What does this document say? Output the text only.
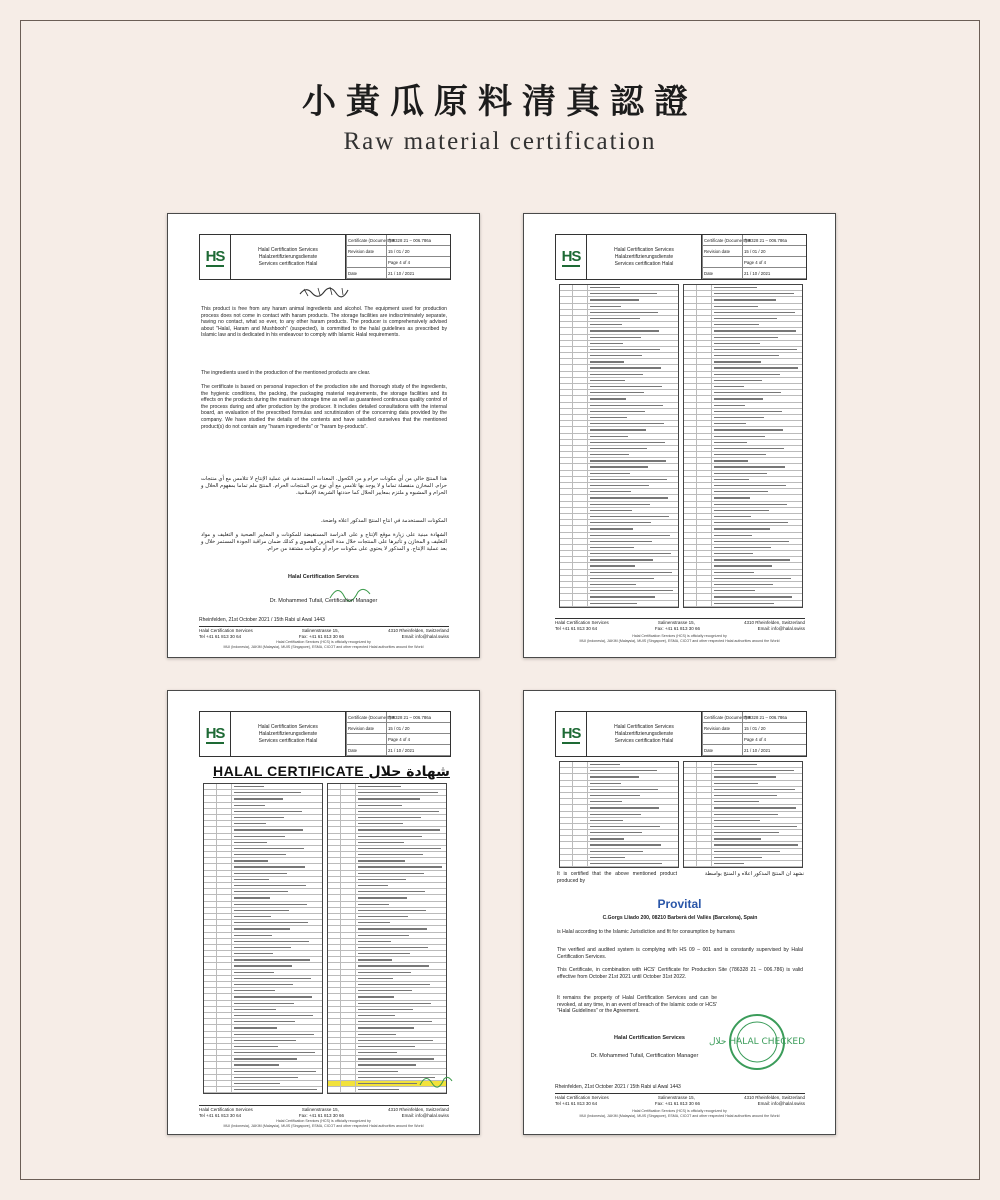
小黃瓜原料清真認證
Raw material certification
HS	Halal Certification Services
Halalzertifizierungsdienste
Services certification Halal
Certificate (Document) #
786328 21 – 006.786a
Revision date	15 / 01 / 20
Page 4 of 4
Date	21 / 10 / 2021
This product is free from any haram animal ingredients and alcohol. The equipment used for production process does not come in contact with haram products. The storage facilities are indiscriminately separate, having no contact, what so ever, to any other haram products. The producer is comprehensively advised about "Halal, Haram and Mushbooh" (suspected), is committed to the halal guidelines as prescribed by Islamic law and is dedicated in his endeavour to comply with Islamic Halal requirements.
The ingredients used in the production of the mentioned products are clear.
The certificate is based on personal inspection of the production site and thorough study of the ingredients, the hygienic conditions, the packing, the packaging material requirements, the storage facilities and its effects on the products during the maximum storage time as well as guaranteed continuous quality control of the process during and after production by the producer. It includes detailed consultations with the internal board, an evaluation of the prescribed formulas and scrutinization of the concerning data provided by the company. We have studied the details of the contents and have satisfied ourselves that the mentioned product(s) do not contain any "haram ingredients" or "haram by-products".
هذا المنتج خالي من أي مكونات حرام و من الكحول. المعدات المستخدمة في عملية الإنتاج لا تتلامس مع أي منتجات حرام. المخازن منفصلة تماما و لا يوجد بها تلامس مع أي نوع من المنتجات الحرام. المنتج ملم تماما بمفهوم الحلال و الحرام و المشبوه و ملتزم بمعايير الحلال كما حددتها الشريعة الإسلامية.
المكونات المستخدمة في انتاج المنتج المذكور اعلاه واضحة.
الشهادة مبنية على زيارة موقع الإنتاج و على الدراسة المستفيضة للمكونات و المعايير الصحية و التغليف و مواد التغليف و المخازن و تأثيرها على المنتجات خلال مدة التخزين القصوى و كذلك ضمان مراقبة الجودة المستمر خلال و بعد عملية الإنتاج. و المذكور لا يحتوي على مكونات حرام أو مكونات مشتقة من حرام.
Halal Certification Services
Dr. Mohammed Tufail, Certification Manager
Rheinfelden, 21st October 2021 / 15th Rabi ul Awal 1443
Halal Certification Services	Salinenstrasse 15,	4310 Rheinfelden, Switzerland
Tel +41 61 813 30 64	Fax: +41 61 813 30 66	Email: info@halal.swiss
Halal Certification Services (HCS) is officially recognized by
MUI (Indonesia), JAKIM (Malaysia), MUIS (Singapore), ESMA, CICOT and other respected Halal authorities around the World
HS	Halal Certification Services
Halalzertifizierungsdienste
Services certification Halal
Certificate (Document) #
786328 21 – 006.786a
Revision date	15 / 01 / 20
Page 4 of 4
Date	21 / 10 / 2021
Halal Certification Services	Salinenstrasse 15,	4310 Rheinfelden, Switzerland
Tel +41 61 813 30 64	Fax: +41 61 813 30 66	Email: info@halal.swiss
Halal Certification Services (HCS) is officially recognized by
MUI (Indonesia), JAKIM (Malaysia), MUIS (Singapore), ESMA, CICOT and other respected Halal authorities around the World
HS	Halal Certification Services
Halalzertifizierungsdienste
Services certification Halal
Certificate (Document) #
786328 21 – 006.786a
Revision date	15 / 01 / 20
Page 4 of 4
Date	21 / 10 / 2021
HALAL CERTIFICATE شهادة حلال
Halal Certification Services	Salinenstrasse 15,	4310 Rheinfelden, Switzerland
Tel +41 61 813 30 64	Fax: +41 61 813 30 66	Email: info@halal.swiss
Halal Certification Services (HCS) is officially recognized by
MUI (Indonesia), JAKIM (Malaysia), MUIS (Singapore), ESMA, CICOT and other respected Halal authorities around the World
HS	Halal Certification Services
Halalzertifizierungsdienste
Services certification Halal
Certificate (Document) #
786328 21 – 006.786a
Revision date	15 / 01 / 20
Page 4 of 4
Date	21 / 10 / 2021
It is certified that the above mentioned product produced by
نشهد ان المنتج المذكور اعلاه و المنتج بواسطة
Provital
C.Gorgs Lliado 200, 08210 Barberà del Vallès (Barcelona), Spain
is Halal according to the Islamic Jurisdiction and fit for consumption by humans
The verified and audited system is complying with HS 09 – 001 and is constantly supervised by Halal Certification Services.
This Certificate, in combination with HCS' Certificate for Production Site (786328 21 – 006.786) is valid effective from October 21st 2021 until October 31st 2022.
It remains the property of Halal Certification Services and can be revoked, at any time, in an event of breach of the Islamic code or HCS' "Halal Guidelines" or the Agreement.
Halal Certification Services
Dr. Mohammed Tufail, Certification Manager
حلال HALAL CHECKED
Rheinfelden, 21st October 2021 / 15th Rabi ul Awal 1443
Halal Certification Services	Salinenstrasse 15,	4310 Rheinfelden, Switzerland
Tel +41 61 813 30 64	Fax: +41 61 813 30 66	Email: info@halal.swiss
Halal Certification Services (HCS) is officially recognized by
MUI (Indonesia), JAKIM (Malaysia), MUIS (Singapore), ESMA, CICOT and other respected Halal authorities around the World
